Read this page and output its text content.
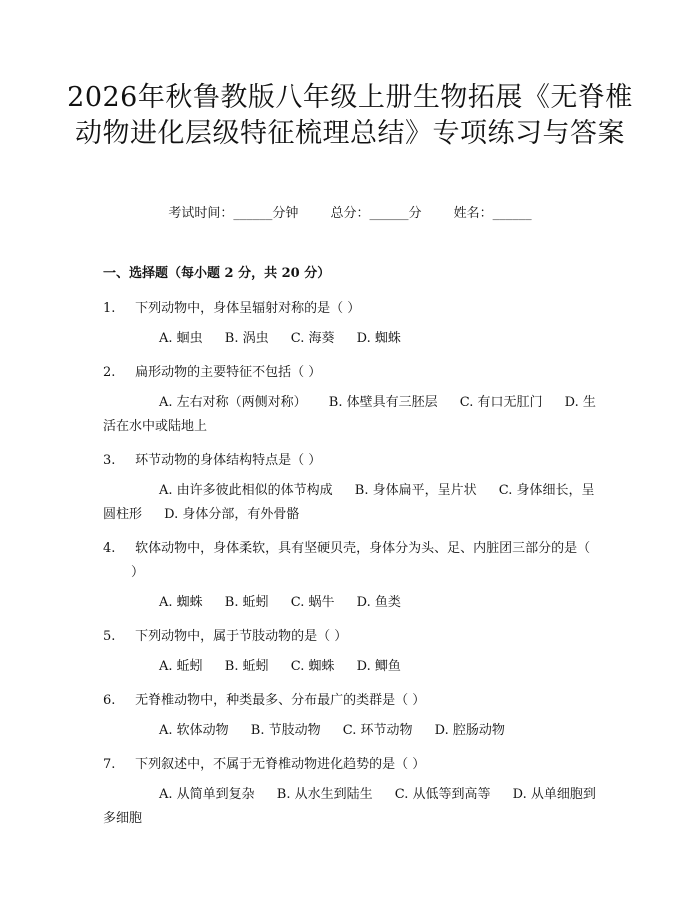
2026年秋鲁教版八年级上册生物拓展《无脊椎动物进化层级特征梳理总结》专项练习与答案
考试时间：______分钟 总分：______分 姓名：______
一、选择题（每小题 2 分，共 20 分）
1. 下列动物中，身体呈辐射对称的是（ ）
A. 蛔虫 B. 涡虫 C. 海葵 D. 蜘蛛
2. 扁形动物的主要特征不包括（ ）
A. 左右对称（两侧对称） B. 体壁具有三胚层 C. 有口无肛门 D. 生活在水中或陆地上
3. 环节动物的身体结构特点是（ ）
A. 由许多彼此相似的体节构成 B. 身体扁平，呈片状 C. 身体细长，呈圆柱形 D. 身体分部，有外骨骼
4. 软体动物中，身体柔软，具有坚硬贝壳，身体分为头、足、内脏团三部分的是（ ）
A. 蜘蛛 B. 蚯蚓 C. 蜗牛 D. 鱼类
5. 下列动物中，属于节肢动物的是（ ）
A. 蚯蚓 B. 蚯蚓 C. 蜘蛛 D. 鲫鱼
6. 无脊椎动物中，种类最多、分布最广的类群是（ ）
A. 软体动物 B. 节肢动物 C. 环节动物 D. 腔肠动物
7. 下列叙述中，不属于无脊椎动物进化趋势的是（ ）
A. 从简单到复杂 B. 从水生到陆生 C. 从低等到高等 D. 从单细胞到多细胞
